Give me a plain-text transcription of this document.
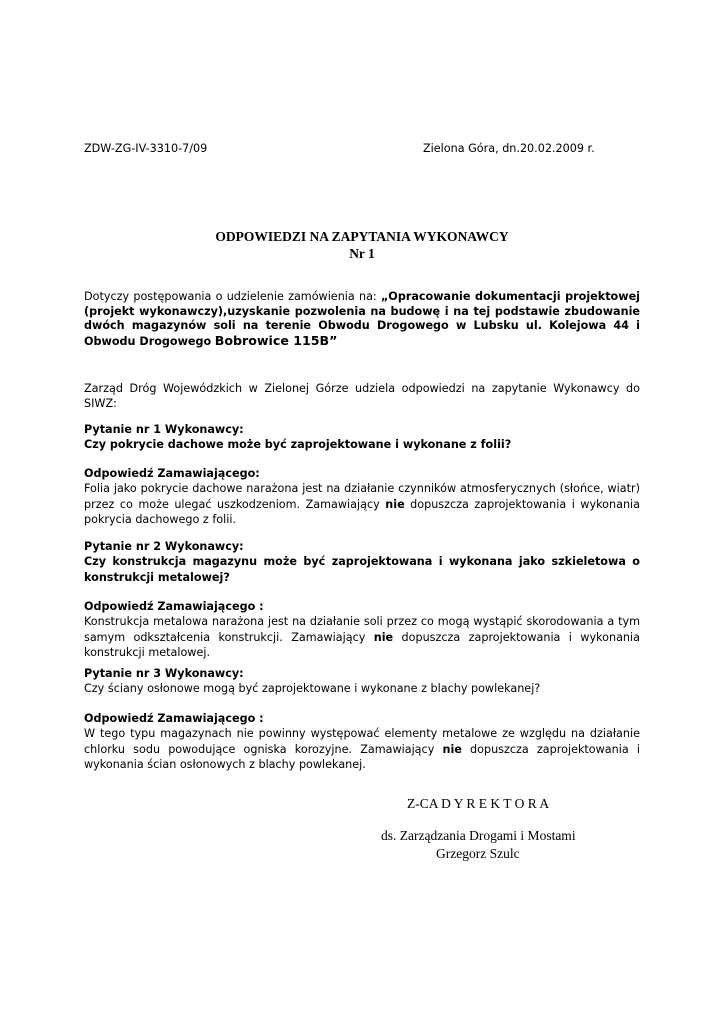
ZDW-ZG-IV-3310-7/09	Zielona Góra, dn.20.02.2009 r.
ODPOWIEDZI NA ZAPYTANIA WYKONAWCY
Nr 1
Dotyczy postępowania o udzielenie zamówienia na: „Opracowanie dokumentacji projektowej (projekt wykonawczy),uzyskanie pozwolenia na budowę i na tej podstawie zbudowanie dwóch magazynów soli na terenie Obwodu Drogowego w Lubsku ul. Kolejowa 44 i Obwodu Drogowego Bobrowice 115B”
Zarząd Dróg Wojewódzkich w Zielonej Górze udziela odpowiedzi na zapytanie Wykonawcy do SIWZ:
Pytanie nr 1 Wykonawcy:
Czy pokrycie dachowe może być zaprojektowane i wykonane z folii?
Odpowiedź Zamawiającego:
Folia jako pokrycie dachowe narażona jest na działanie czynników atmosferycznych (słońce, wiatr) przez co może ulegać uszkodzeniom. Zamawiający nie dopuszcza zaprojektowania i wykonania pokrycia dachowego z folii.
Pytanie nr 2 Wykonawcy:
Czy konstrukcja magazynu może być zaprojektowana i wykonana jako szkieletowa o konstrukcji metalowej?
Odpowiedź Zamawiającego :
Konstrukcja metalowa narażona jest na działanie soli przez co mogą wystąpić skorodowania a tym samym odkształcenia konstrukcji. Zamawiający nie dopuszcza zaprojektowania i wykonania konstrukcji metalowej.
Pytanie nr 3 Wykonawcy:
Czy ściany osłonowe mogą być zaprojektowane i wykonane z blachy powlekanej?
Odpowiedź Zamawiającego :
W tego typu magazynach nie powinny występować elementy metalowe ze względu na działanie chlorku sodu powodujące ogniska korozyjne. Zamawiający nie dopuszcza zaprojektowania i wykonania ścian osłonowych z blachy powlekanej.
Z-CA D Y R E K T O R A
ds. Zarządzania Drogami i Mostami
Grzegorz Szulc
